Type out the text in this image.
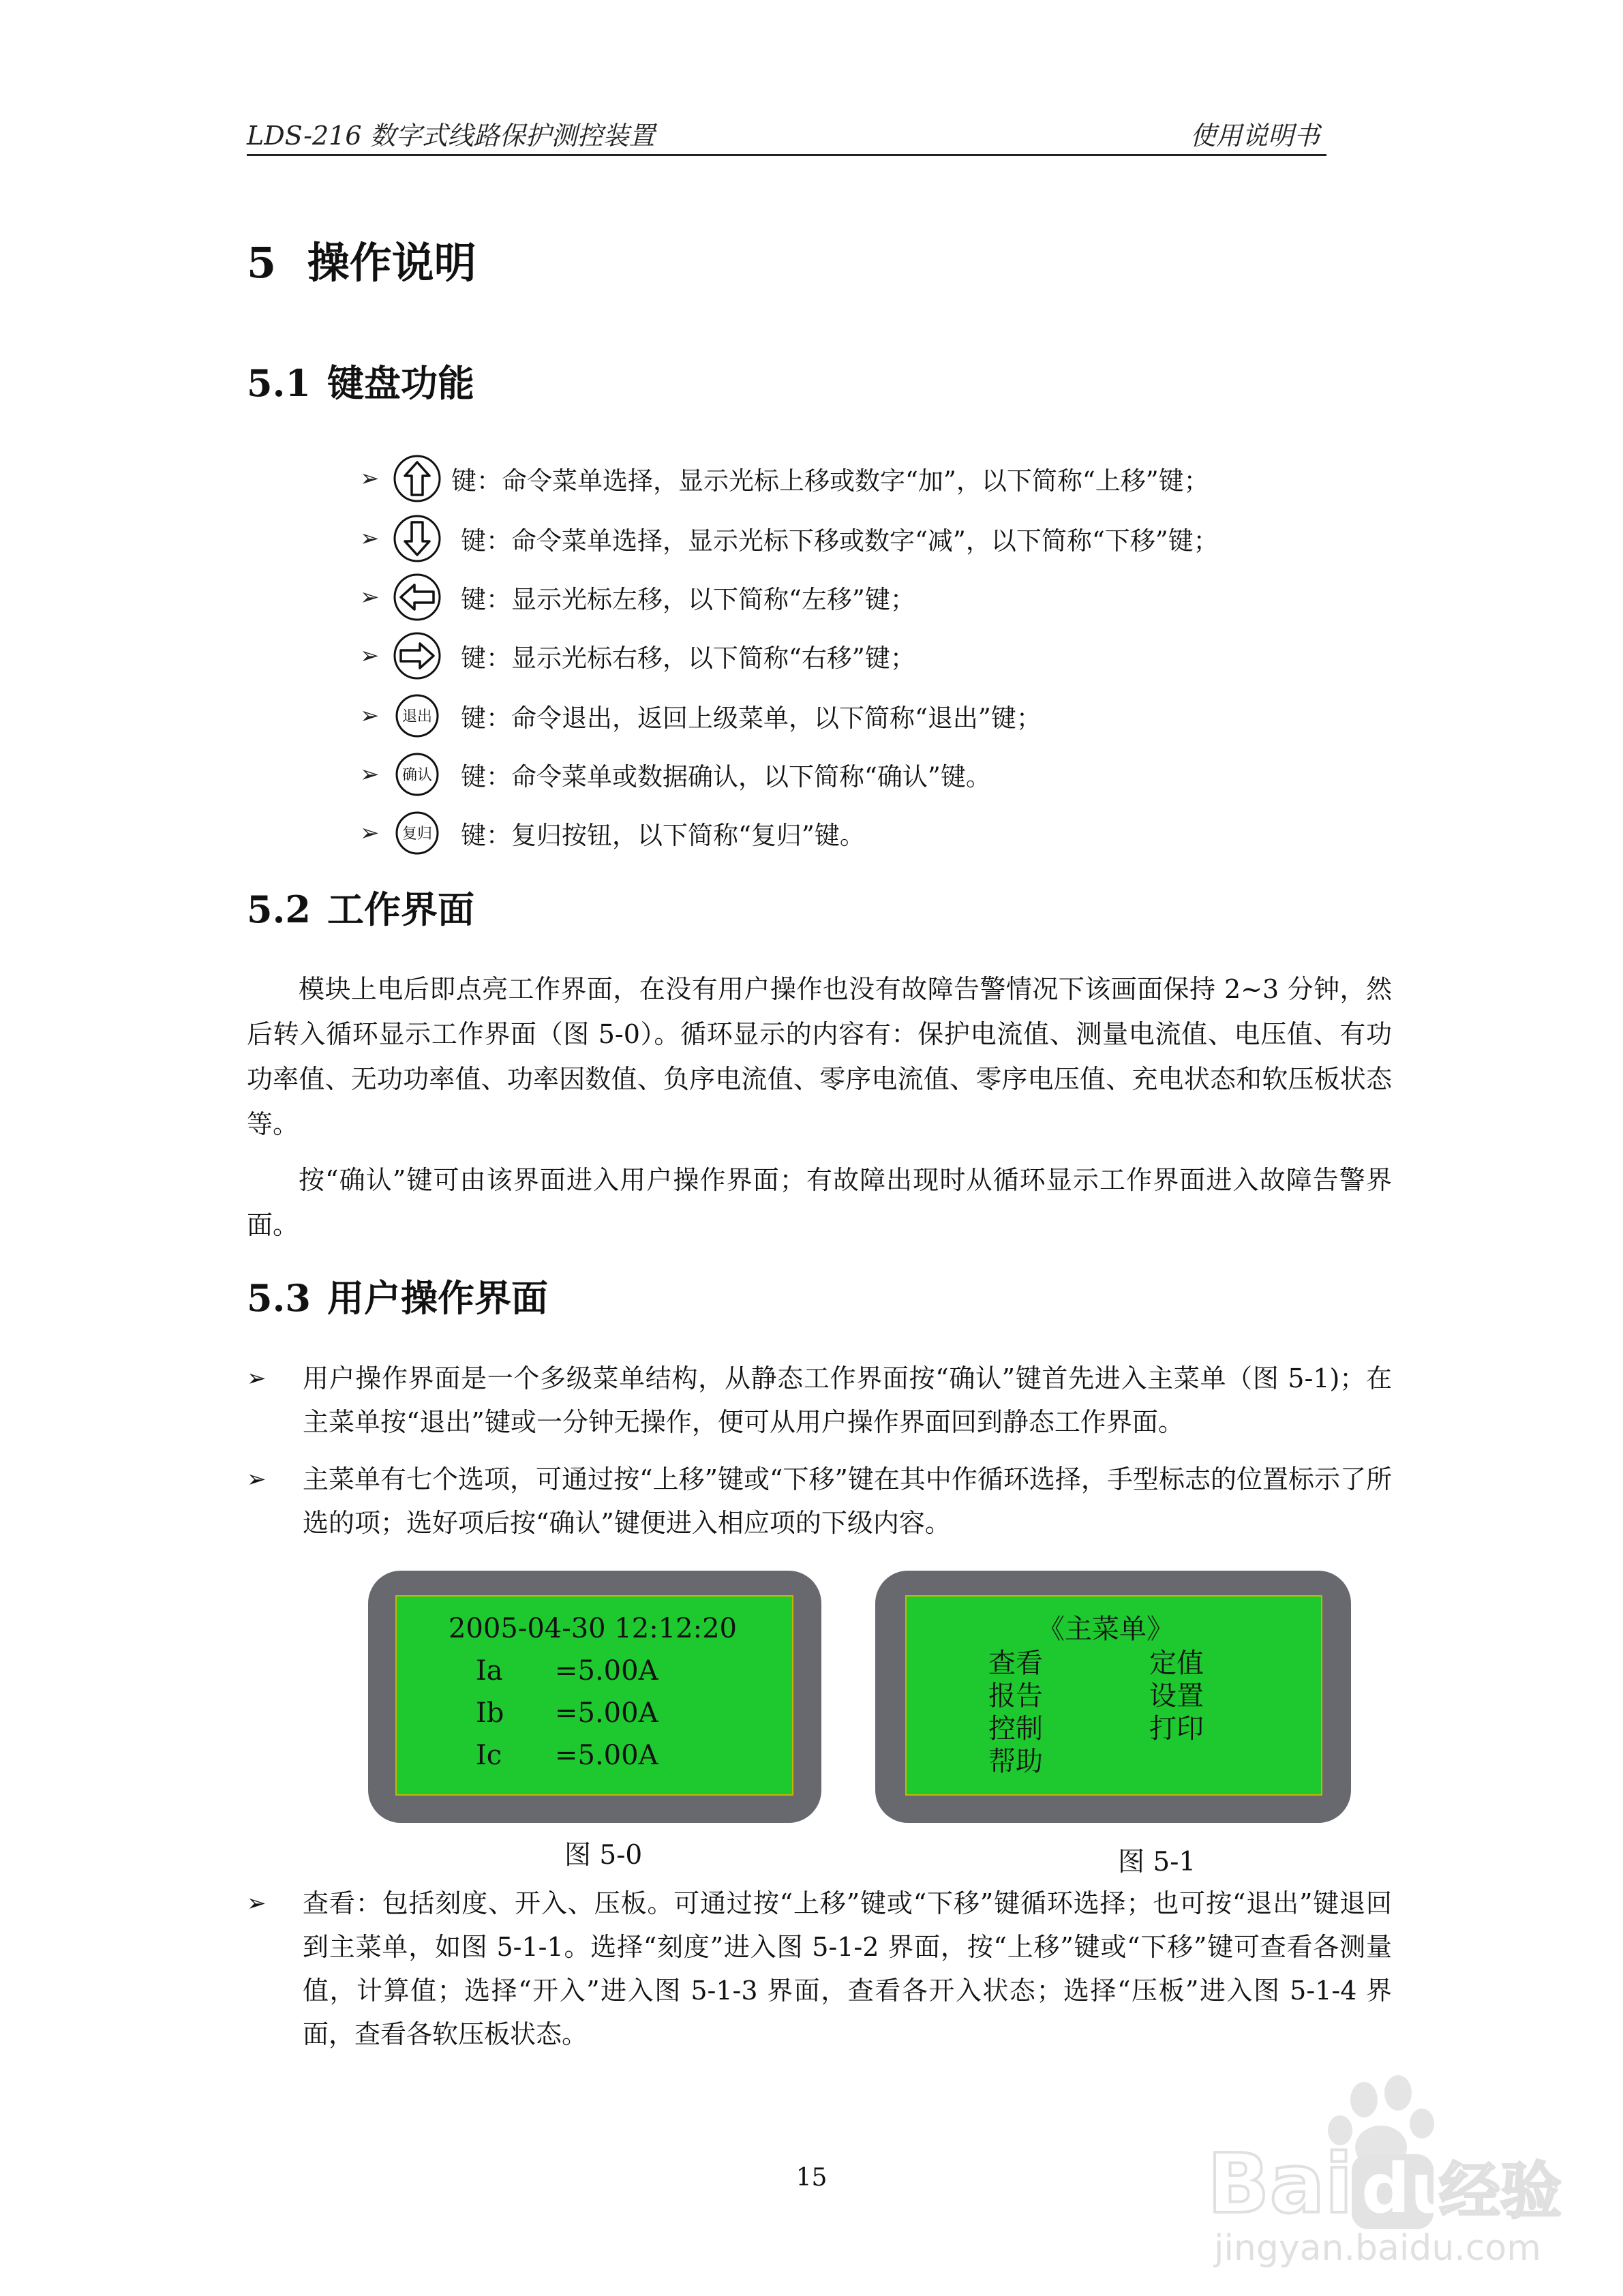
LDS-216 数字式线路保护测控装置	使用说明书
5 操作说明
5.1 键盘功能
➢	键：命令菜单选择，显示光标上移或数字“加”，以下简称“上移”键；
➢	键：命令菜单选择，显示光标下移或数字“减”，以下简称“下移”键；
➢	键：显示光标左移，以下简称“左移”键；
➢	键：显示光标右移，以下简称“右移”键；
➢	退出 键：命令退出，返回上级菜单，以下简称“退出”键；
➢	确认 键：命令菜单或数据确认，以下简称“确认”键。
➢	复归 键：复归按钮，以下简称“复归”键。
5.2 工作界面

模块上电后即点亮工作界面，在没有用户操作也没有故障告警情况下该画面保持 2~3 分钟，然后转入循环显示工作界面（图 5-0）。循环显示的内容有：保护电流值、测量电流值、电压值、有功功率值、无功功率值、功率因数值、负序电流值、零序电流值、零序电压值、充电状态和软压板状态等。

按“确认”键可由该界面进入用户操作界面；有故障出现时从循环显示工作界面进入故障告警界面。

5.3 用户操作界面
➢ 用户操作界面是一个多级菜单结构，从静态工作界面按“确认”键首先进入主菜单（图 5-1)；在主菜单按“退出”键或一分钟无操作，便可从用户操作界面回到静态工作界面。
➢ 主菜单有七个选项，可通过按“上移”键或“下移”键在其中作循环选择，手型标志的位置标示了所选的项；选好项后按“确认”键便进入相应项的下级内容。
2005-04-30 12:12:20
Ia =5.00A
Ib =5.00A
Ic =5.00A
图 5-0
《主菜单》
查看	定值
报告	设置
控制	打印
帮助
图 5-1
➢ 查看：包括刻度、开入、压板。可通过按“上移”键或“下移”键循环选择；也可按“退出”键退回到主菜单，如图 5-1-1。选择“刻度”进入图 5-1-2 界面，按“上移”键或“下移”键可查看各测量值，计算值；选择“开入”进入图 5-1-3 界面，查看各开入状态；选择“压板”进入图 5-1-4 界面，查看各软压板状态。
15	Bai du
经验
jingyan.baidu.com
